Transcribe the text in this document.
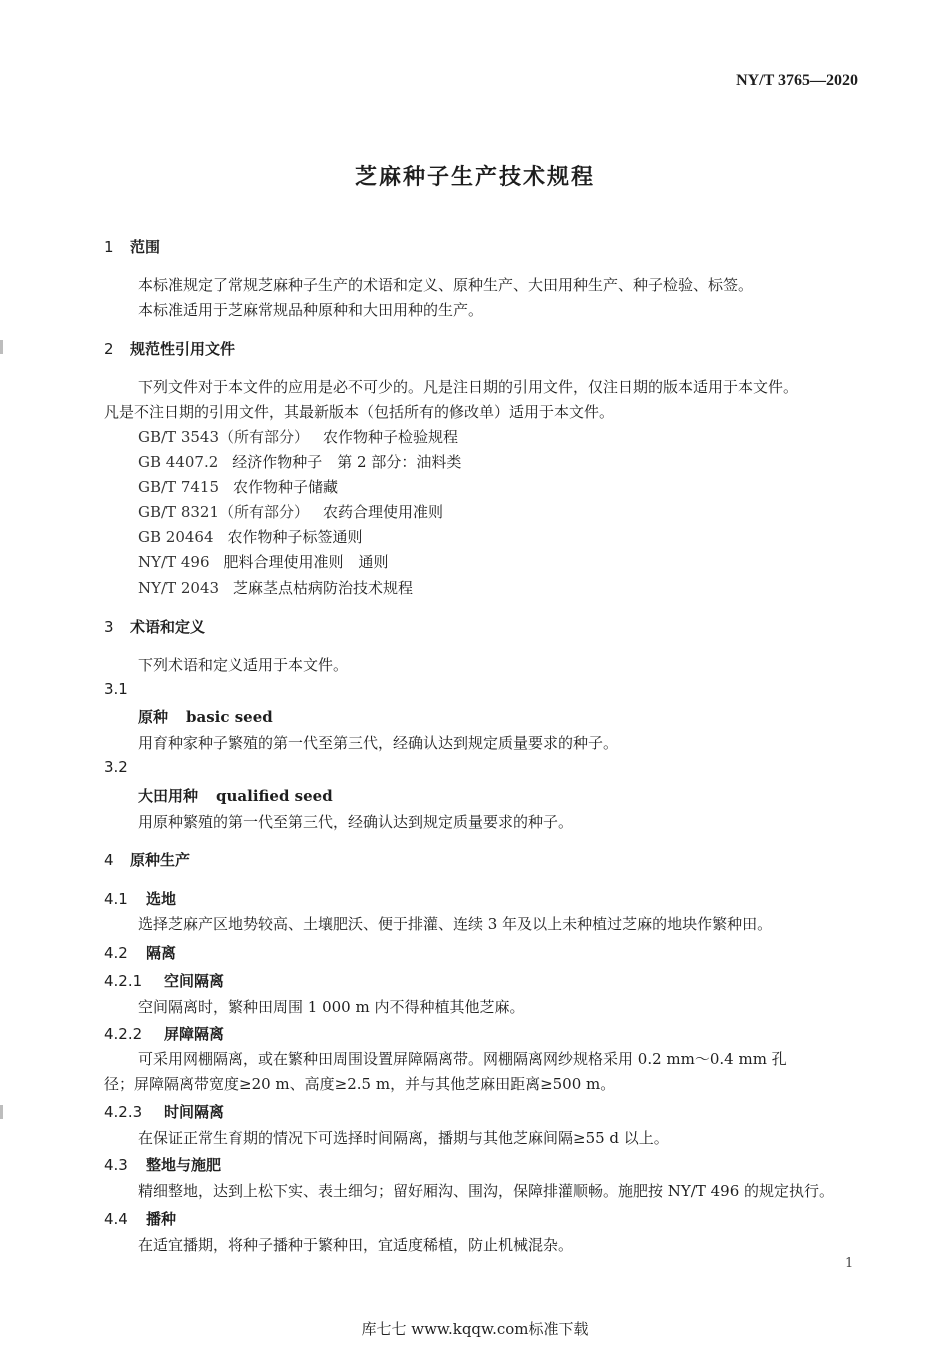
NY/T 3765—2020
芝麻种子生产技术规程
1 范围
本标准规定了常规芝麻种子生产的术语和定义、原种生产、大田用种生产、种子检验、标签。
本标准适用于芝麻常规品种原种和大田用种的生产。
2 规范性引用文件
下列文件对于本文件的应用是必不可少的。凡是注日期的引用文件，仅注日期的版本适用于本文件。
凡是不注日期的引用文件，其最新版本（包括所有的修改单）适用于本文件。
GB/T 3543（所有部分） 农作物种子检验规程
GB 4407.2 经济作物种子　第 2 部分：油料类
GB/T 7415 农作物种子储藏
GB/T 8321（所有部分） 农药合理使用准则
GB 20464 农作物种子标签通则
NY/T 496 肥料合理使用准则　通则
NY/T 2043 芝麻茎点枯病防治技术规程
3 术语和定义
下列术语和定义适用于本文件。
3.1
原种 basic seed
用育种家种子繁殖的第一代至第三代，经确认达到规定质量要求的种子。
3.2
大田用种 qualified seed
用原种繁殖的第一代至第三代，经确认达到规定质量要求的种子。
4 原种生产
4.1 选地
选择芝麻产区地势较高、土壤肥沃、便于排灌、连续 3 年及以上未种植过芝麻的地块作繁种田。
4.2 隔离
4.2.1 空间隔离
空间隔离时，繁种田周围 1 000 m 内不得种植其他芝麻。
4.2.2 屏障隔离
可采用网棚隔离，或在繁种田周围设置屏障隔离带。网棚隔离网纱规格采用 0.2 mm～0.4 mm 孔
径；屏障隔离带宽度≥20 m、高度≥2.5 m，并与其他芝麻田距离≥500 m。
4.2.3 时间隔离
在保证正常生育期的情况下可选择时间隔离，播期与其他芝麻间隔≥55 d 以上。
4.3 整地与施肥
精细整地，达到上松下实、表土细匀；留好厢沟、围沟，保障排灌顺畅。施肥按 NY/T 496 的规定执行。
4.4 播种
在适宜播期，将种子播种于繁种田，宜适度稀植，防止机械混杂。
1
库七七 www.kqqw.com标准下载
